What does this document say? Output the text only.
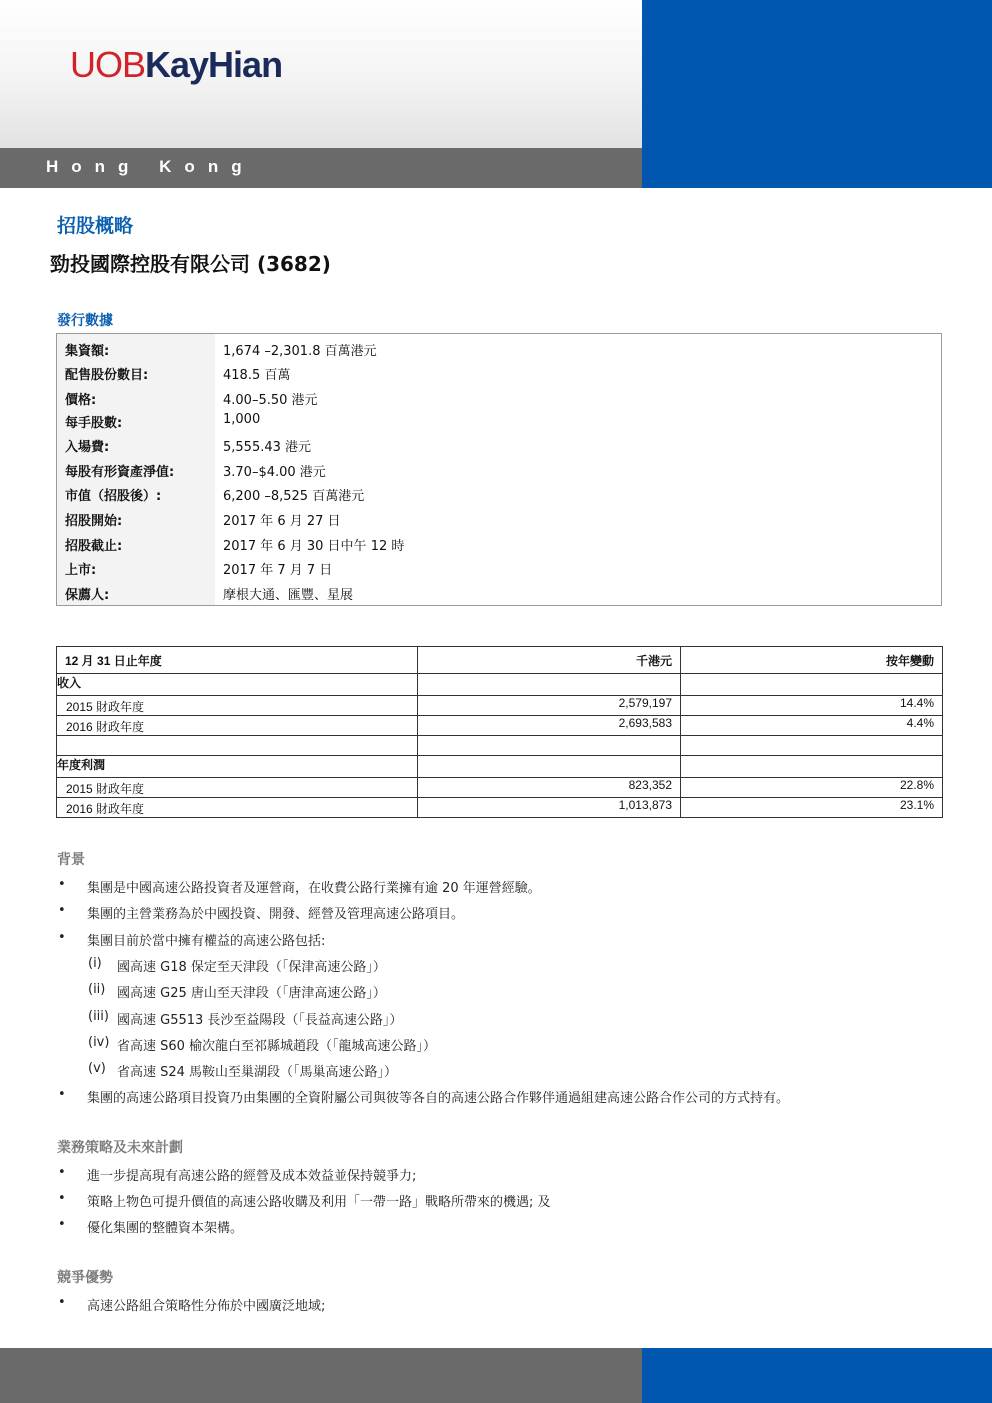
UOBKayHian
Hong Kong
招股概略
勁投國際控股有限公司 (3682)
發行數據
集資額:	1,674 –2,301.8 百萬港元
配售股份數目:	418.5 百萬
價格:	4.00–5.50 港元
每手股數:	1,000
入場費:	5,555.43 港元
每股有形資產淨值:	3.70–$4.00 港元
市值（招股後）:	6,200 –8,525 百萬港元
招股開始:	2017 年 6 月 27 日
招股截止:	2017 年 6 月 30 日中午 12 時
上市:	2017 年 7 月 7 日
保薦人:	摩根大通、匯豐、星展
12 月 31 日止年度	千港元	按年變動
收入		
2015 財政年度	2,579,197	14.4%
2016 財政年度	2,693,583	4.4%

年度利潤		
2015 財政年度	823,352	22.8%
2016 財政年度	1,013,873	23.1%
背景
• 集團是中國高速公路投資者及運營商，在收費公路行業擁有逾 20 年運營經驗。
• 集團的主營業務為於中國投資、開發、經營及管理高速公路項目。
• 集團目前於當中擁有權益的高速公路包括:
(i) 國高速 G18 保定至天津段（「保津高速公路」）
(ii) 國高速 G25 唐山至天津段（「唐津高速公路」）
(iii) 國高速 G5513 長沙至益陽段（「長益高速公路」）
(iv) 省高速 S60 榆次龍白至祁縣城趙段（「龍城高速公路」）
(v) 省高速 S24 馬鞍山至巢湖段（「馬巢高速公路」）
• 集團的高速公路項目投資乃由集團的全資附屬公司與彼等各自的高速公路合作夥伴通過組建高速公路合作公司的方式持有。
業務策略及未來計劃
• 進一步提高現有高速公路的經營及成本效益並保持競爭力;
• 策略上物色可提升價值的高速公路收購及利用「一帶一路」戰略所帶來的機遇; 及
• 優化集團的整體資本架構。
競爭優勢
• 高速公路組合策略性分佈於中國廣泛地域;
